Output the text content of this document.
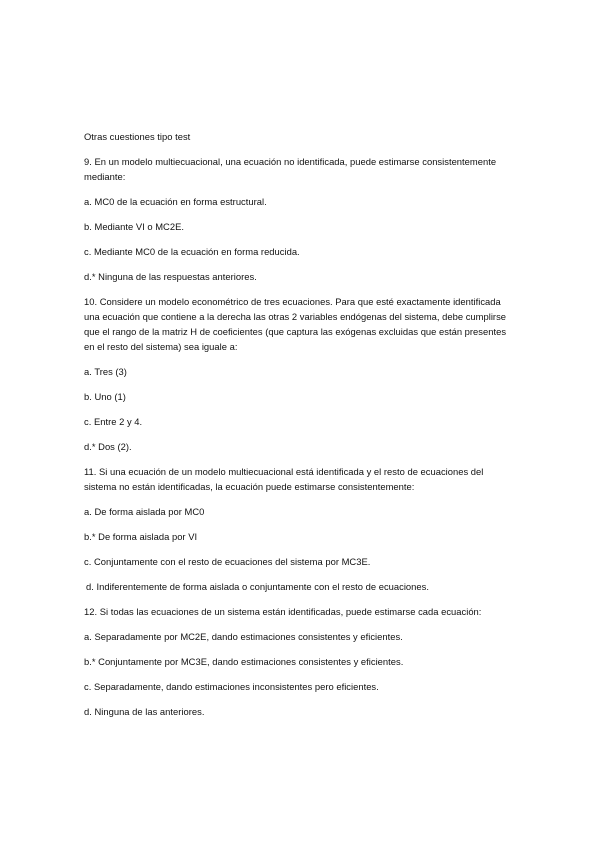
Otras cuestiones tipo test
9. En un modelo multiecuacional, una ecuación no identificada, puede estimarse consistentemente mediante:
a. MC0 de la ecuación en forma estructural.
b. Mediante VI o MC2E.
c. Mediante MC0 de la ecuación en forma reducida.
d.* Ninguna de las respuestas anteriores.
10. Considere un modelo econométrico de tres ecuaciones. Para que esté exactamente identificada una ecuación que contiene a la derecha las otras 2 variables endógenas del sistema, debe cumplirse que el rango de la matriz H de coeficientes (que captura las exógenas excluidas que están presentes en el resto del sistema) sea iguale a:
a. Tres (3)
b. Uno (1)
c. Entre 2 y 4.
d.* Dos (2).
11. Si una ecuación de un modelo multiecuacional está identificada y el resto de ecuaciones del sistema no están identificadas, la ecuación puede estimarse consistentemente:
a. De forma aislada por MC0
b.* De forma aislada por VI
c. Conjuntamente con el resto de ecuaciones del sistema por MC3E.
d. Indiferentemente de forma aislada o conjuntamente con el resto de ecuaciones.
12. Si todas las ecuaciones de un sistema están identificadas, puede estimarse cada ecuación:
a. Separadamente por MC2E, dando estimaciones consistentes y eficientes.
b.* Conjuntamente por MC3E, dando estimaciones consistentes y eficientes.
c. Separadamente, dando estimaciones inconsistentes pero eficientes.
d. Ninguna de las anteriores.
